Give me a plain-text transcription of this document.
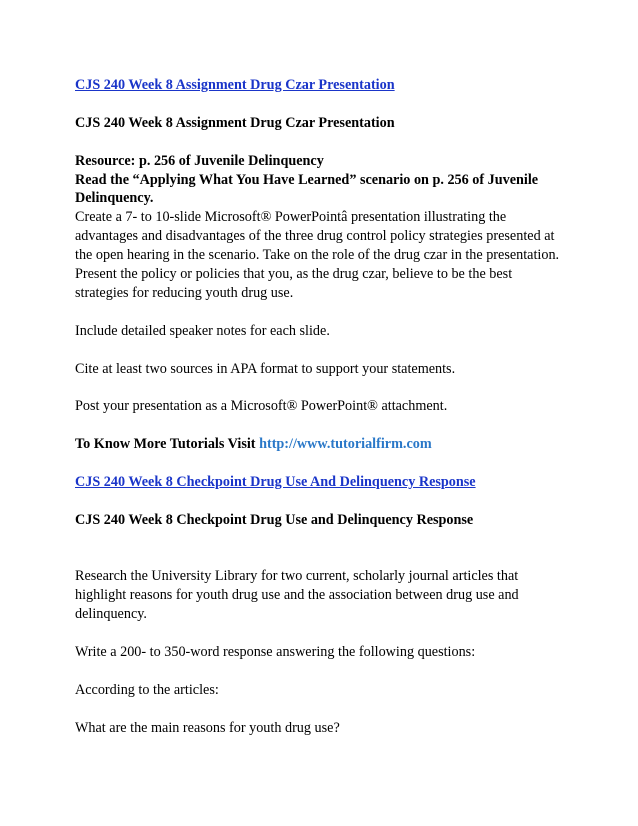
CJS 240 Week 8 Assignment Drug Czar Presentation

CJS 240 Week 8 Assignment Drug Czar Presentation

Resource: p. 256 of Juvenile Delinquency

Read the “Applying What You Have Learned” scenario on p. 256 of Juvenile Delinquency.

Create a 7- to 10-slide Microsoft® PowerPointâ presentation illustrating the advantages and disadvantages of the three drug control policy strategies presented at the open hearing in the scenario. Take on the role of the drug czar in the presentation. Present the policy or policies that you, as the drug czar, believe to be the best strategies for reducing youth drug use.

Include detailed speaker notes for each slide.

Cite at least two sources in APA format to support your statements.

Post your presentation as a Microsoft® PowerPoint® attachment.

To Know More Tutorials Visit http://www.tutorialfirm.com

CJS 240 Week 8 Checkpoint Drug Use And Delinquency Response

CJS 240 Week 8 Checkpoint Drug Use and Delinquency Response

Research the University Library for two current, scholarly journal articles that highlight reasons for youth drug use and the association between drug use and delinquency.

Write a 200- to 350-word response answering the following questions:

According to the articles:

What are the main reasons for youth drug use?
